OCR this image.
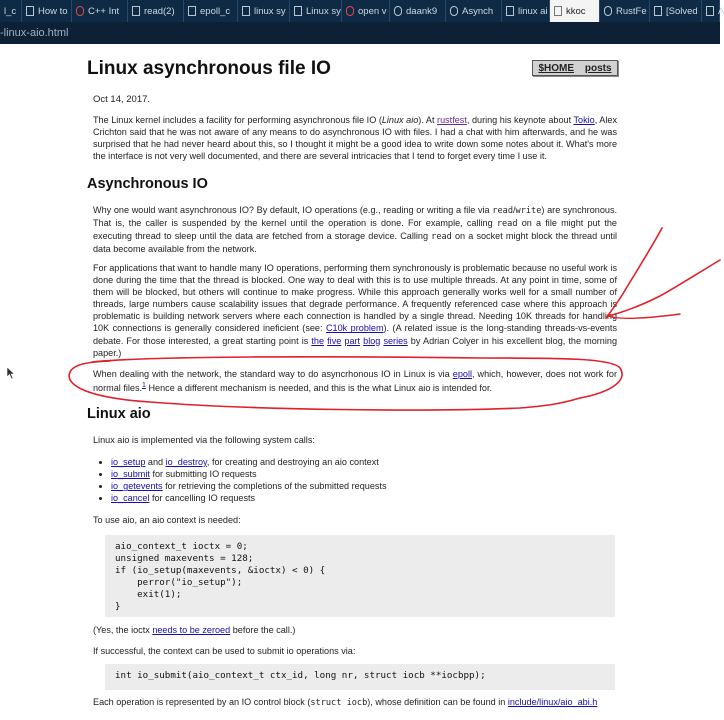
l_c How to C++ Int	read(2)	epoll_c	linux sy Linux sy open v daank9	Asynch	linux ai kkoc	RustFe [Solved A
-linux-aio.html
Linux asynchronous file IO	$HOME posts
Oct 14, 2017.

The Linux kernel includes a facility for performing asynchronous file IO (Linux aio). At rustfest, during his keynote about Tokio, Alex Crichton said that he was not aware of any means to do asynchronous IO with files. I had a chat with him afterwards, and he was surprised that he had never heard about this, so I thought it might be a good idea to write down some notes about it. What's more the interface is not very well documented, and there are several intricacies that I tend to forget every time I use it.

Asynchronous IO

Why one would want asynchronous IO? By default, IO operations (e.g., reading or writing a file via read/write) are synchronous. That is, the caller is suspended by the kernel until the operation is done. For example, calling read on a file might put the executing thread to sleep until the data are fetched from a storage device. Calling read on a socket might block the thread until data become available from the network.

For applications that want to handle many IO operations, performing them synchronously is problematic because no useful work is done during the time that the thread is blocked. One way to deal with this is to use multiple threads. At any point in time, some of them will be blocked, but others will continue to make progress. While this approach generally works well for a small number of threads, large numbers cause scalability issues that degrade performance. A frequently referenced case where this approach is problematic is building network servers where each connection is handled by a single thread. Needing 10K threads for handling 10K connections is generally considered ineficient (see: C10k problem). (A related issue is the long-standing threads-vs-events debate. For those interested, a great starting point is the five part blog series by Adrian Colyer in his excellent blog, the morning paper.)

When dealing with the network, the standard way to do asyncrhonous IO in Linux is via epoll, which, however, does not work for normal files.$^1$ Hence a different mechanism is needed, and this is the what Linux aio is intended for.

Linux aio

Linux aio is implemented via the following system calls:

• io_setup and io_destroy, for creating and destroying an aio context
• io_submit for submitting IO requests
• io_getevents for retrieving the completions of the submitted requests
• io_cancel for cancelling IO requests

To use aio, an aio context is needed:

aio_context_t ioctx = 0;
unsigned maxevents = 128;
if (io_setup(maxevents, &ioctx) < 0) {
perror("io_setup");
exit(1);
}

(Yes, the ioctx needs to be zeroed before the call.)

If successful, the context can be used to submit io operations via:

int io_submit(aio_context_t ctx_id, long nr, struct iocb **iocbpp);

Each operation is represented by an IO control block (struct iocb), whose definition can be found in include/linux/aio_abi.h
